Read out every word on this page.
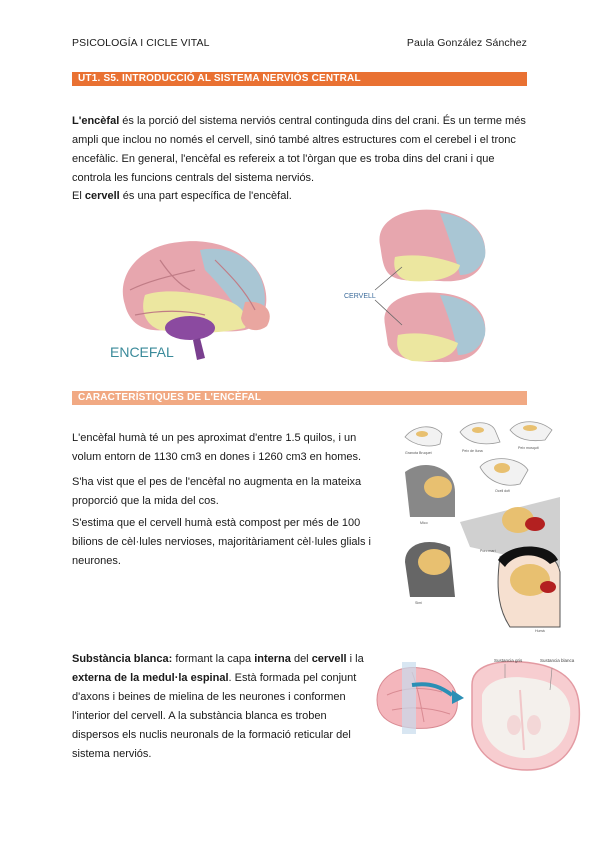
PSICOLOGÍA I CICLE VITAL	Paula González Sánchez
UT1. S5. INTRODUCCIÓ AL SISTEMA NERVIÓS CENTRAL
L'encèfal és la porció del sistema nerviós central continguda dins del crani. És un terme més ampli que inclou no només el cervell, sinó també altres estructures com el cerebel i el tronc encefàlic. En general, l'encèfal es refereix a tot l'òrgan que es troba dins del crani i que controla les funcions centrals del sistema nerviós.
El cervell és una part específica de l'encèfal.
ENCEFAL
CERVELL
CARACTERÍSTIQUES DE L'ENCÈFAL
L'encèfal humà té un pes aproximat d'entre 1.5 quilos, i un volum entorn de 1130 cm3 en dones i 1260 cm3 en homes.
S'ha vist que el pes de l'encèfal no augmenta en la mateixa proporció que la mida del cos.
S'estima que el cervell humà està compost per més de 100 bilions de cèl·lules nervioses, majoritàriament cèl·lules glials i neurones.
Granota Bruquet	Peix de lluna
Peix mosquit
Ocell dofí
Mico
Porc marí
Simi
Humà
Substància blanca: formant la capa interna del cervell i la externa de la medul·la espinal. Està formada pel conjunt d'axons i beines de mielina de les neurones i conformen l'interior del cervell. A la substància blanca es troben dispersos els nuclis neuronals de la formació reticular del sistema nerviós.
Sustancia gris	Sustancia blanca
